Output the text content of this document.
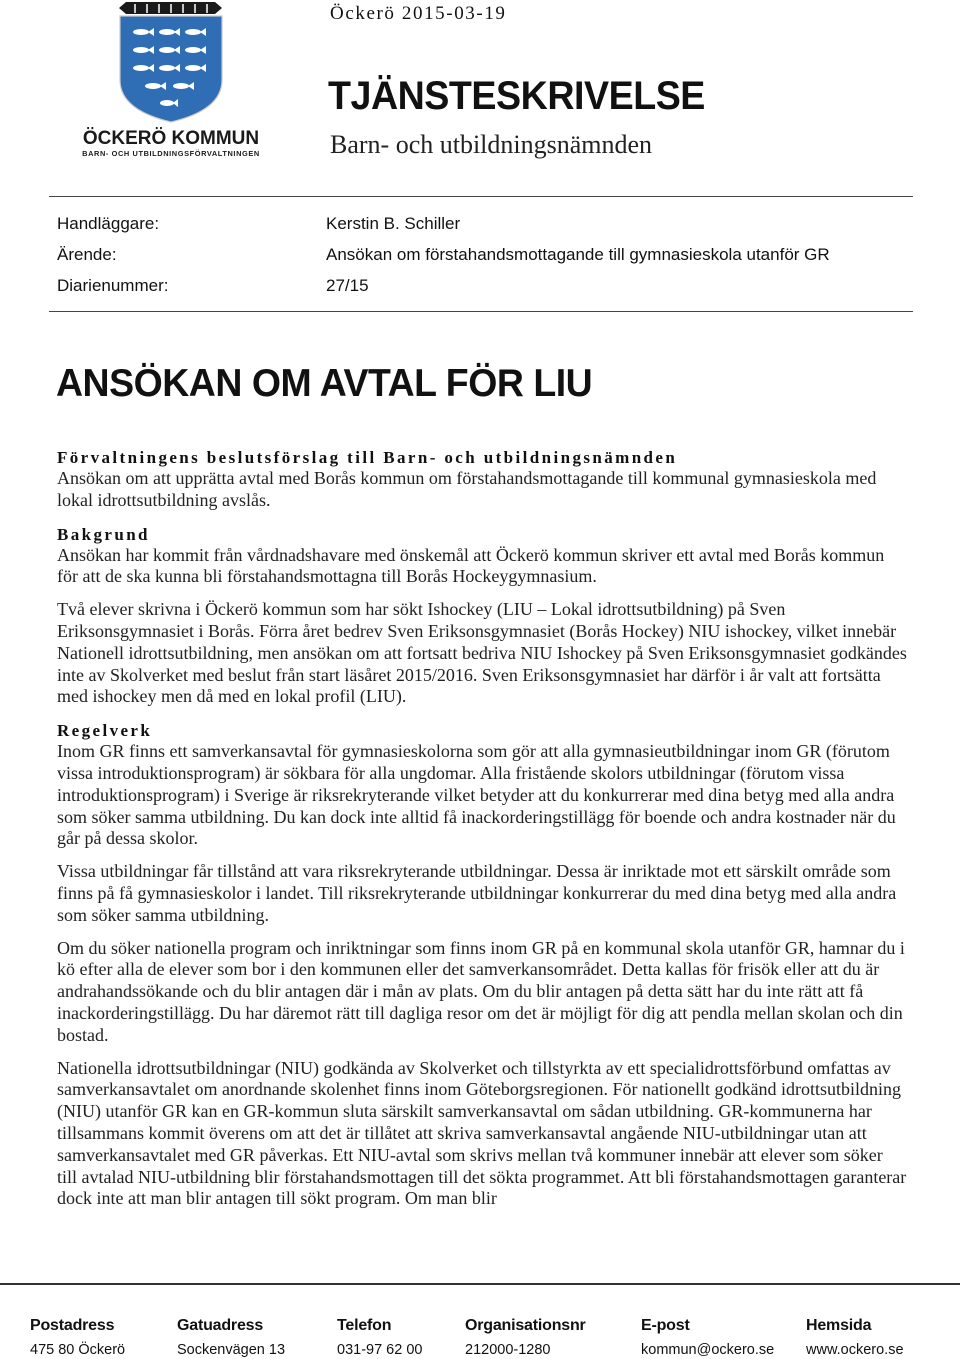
ÖCKERÖ KOMMUN
BARN- OCH UTBILDNINGSFÖRVALTNINGEN
Öckerö 2015-03-19
TJÄNSTESKRIVELSE
Barn- och utbildningsnämnden
Handläggare:	Kerstin B. Schiller
Ärende:	Ansökan om förstahandsmottagande till gymnasieskola utanför GR
Diarienummer:	27/15
ANSÖKAN OM AVTAL FÖR LIU
Förvaltningens beslutsförslag till Barn- och utbildningsnämnden

Ansökan om att upprätta avtal med Borås kommun om förstahandsmottagande till kommunal gymnasieskola med lokal idrottsutbildning avslås.

Bakgrund

Ansökan har kommit från vårdnadshavare med önskemål att Öckerö kommun skriver ett avtal med Borås kommun för att de ska kunna bli förstahandsmottagna till Borås Hockeygymnasium.

Två elever skrivna i Öckerö kommun som har sökt Ishockey (LIU – Lokal idrottsutbildning) på Sven Eriksonsgymnasiet i Borås. Förra året bedrev Sven Eriksonsgymnasiet (Borås Hockey) NIU ishockey, vilket innebär Nationell idrottsutbildning, men ansökan om att fortsatt bedriva NIU Ishockey på Sven Eriksonsgymnasiet godkändes inte av Skolverket med beslut från start läsåret 2015/2016. Sven Eriksonsgymnasiet har därför i år valt att fortsätta med ishockey men då med en lokal profil (LIU).

Regelverk

Inom GR finns ett samverkansavtal för gymnasieskolorna som gör att alla gymnasieutbildningar inom GR (förutom vissa introduktionsprogram) är sökbara för alla ungdomar. Alla fristående skolors utbildningar (förutom vissa introduktionsprogram) i Sverige är riksrekryterande vilket betyder att du konkurrerar med dina betyg med alla andra som söker samma utbildning. Du kan dock inte alltid få inackorderingstillägg för boende och andra kostnader när du går på dessa skolor.

Vissa utbildningar får tillstånd att vara riksrekryterande utbildningar. Dessa är inriktade mot ett särskilt område som finns på få gymnasieskolor i landet. Till riksrekryterande utbildningar konkurrerar du med dina betyg med alla andra som söker samma utbildning.

Om du söker nationella program och inriktningar som finns inom GR på en kommunal skola utanför GR, hamnar du i kö efter alla de elever som bor i den kommunen eller det samverkansområdet. Detta kallas för frisök eller att du är andrahandssökande och du blir antagen där i mån av plats. Om du blir antagen på detta sätt har du inte rätt att få inackorderingstillägg. Du har däremot rätt till dagliga resor om det är möjligt för dig att pendla mellan skolan och din bostad.

Nationella idrottsutbildningar (NIU) godkända av Skolverket och tillstyrkta av ett specialidrottsförbund omfattas av samverkansavtalet om anordnande skolenhet finns inom Göteborgsregionen. För nationellt godkänd idrottsutbildning (NIU) utanför GR kan en GR-kommun sluta särskilt samverkansavtal om sådan utbildning. GR-kommunerna har tillsammans kommit överens om att det är tillåtet att skriva samverkansavtal angående NIU-utbildningar utan att samverkansavtalet med GR påverkas. Ett NIU-avtal som skrivs mellan två kommuner innebär att elever som söker till avtalad NIU-utbildning blir förstahandsmottagen till det sökta programmet. Att bli förstahandsmottagen garanterar dock inte att man blir antagen till sökt program. Om man blir

Postadress
475 80 Öckerö
Gatuadress
Sockenvägen 13
Telefon
031-97 62 00
Organisationsnr
212000-1280
E-post
kommun@ockero.se
Hemsida
www.ockero.se
